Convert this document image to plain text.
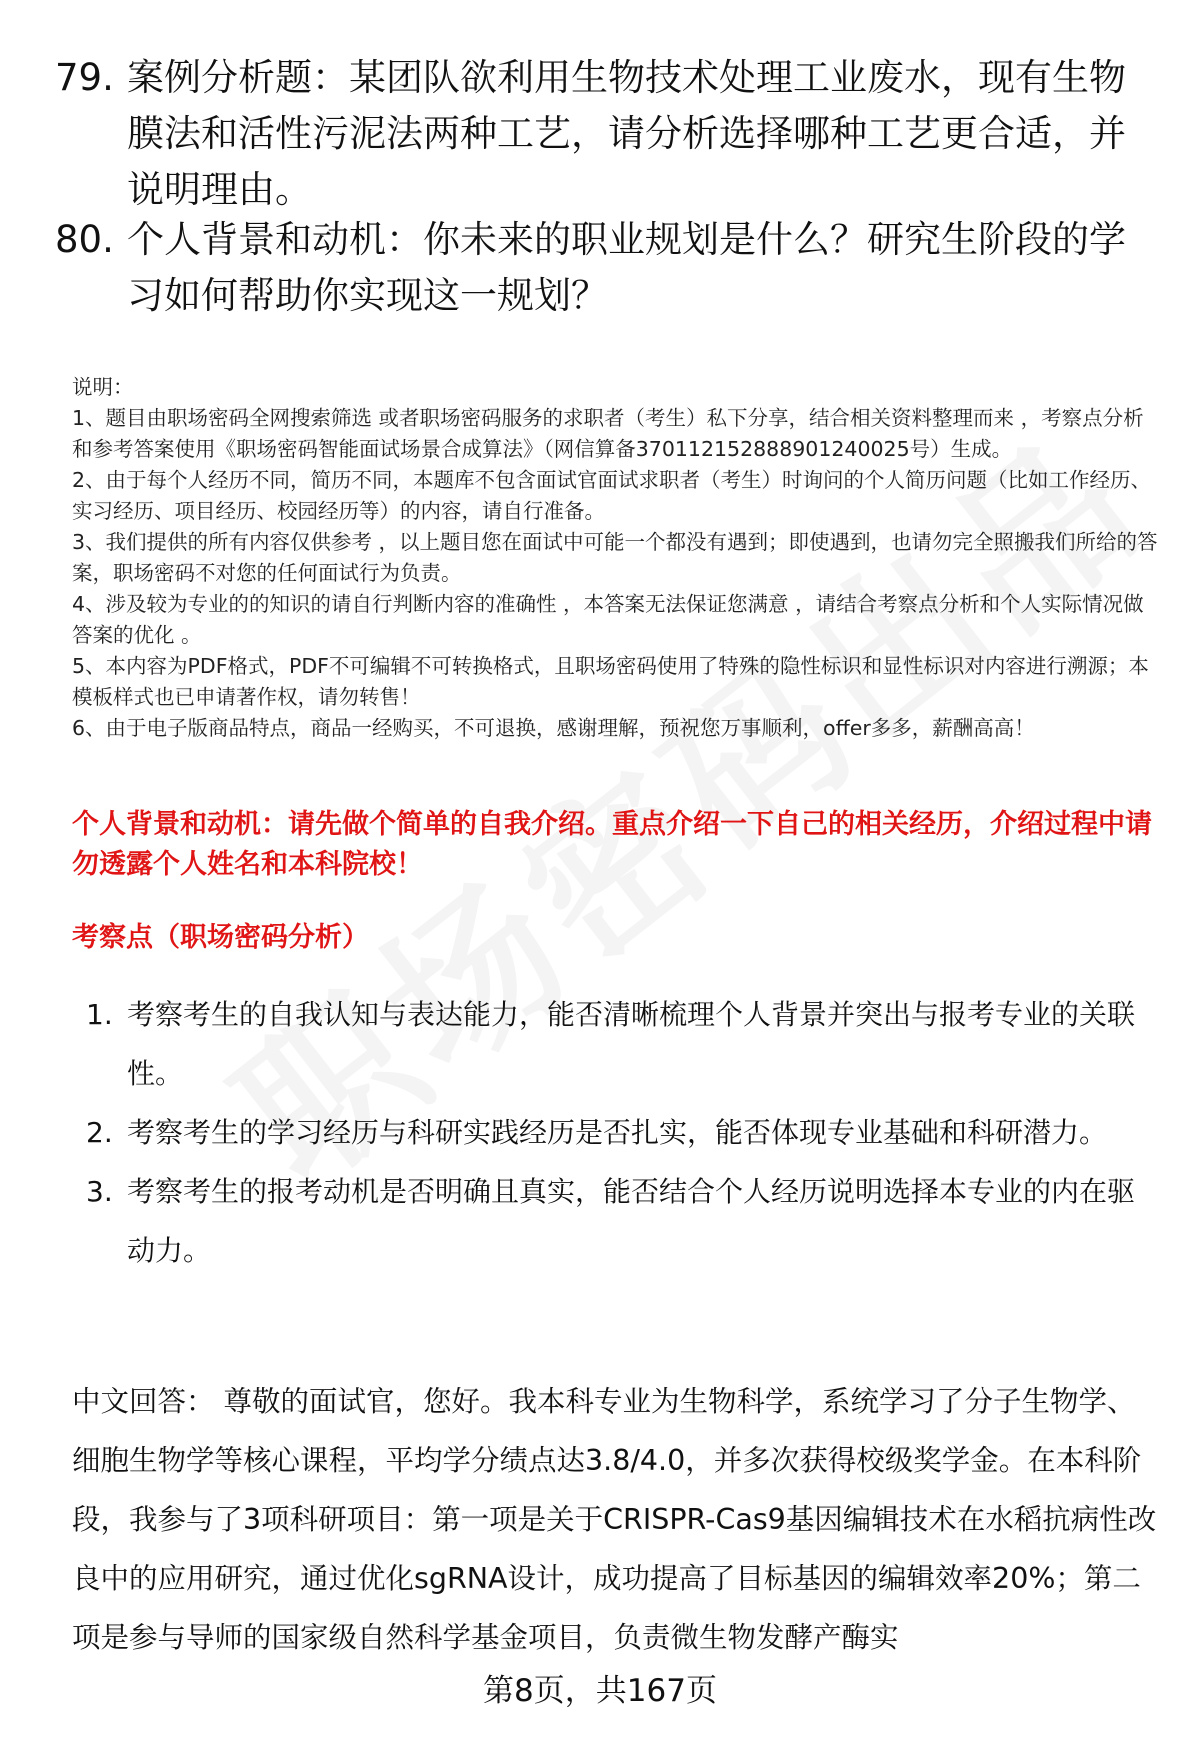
79. 案例分析题：某团队欲利用生物技术处理工业废水，现有生物膜法和活性污泥法两种工艺，请分析选择哪种工艺更合适，并说明理由。
80. 个人背景和动机：你未来的职业规划是什么？研究生阶段的学习如何帮助你实现这一规划？

说明：

1、题目由职场密码全网搜索筛选 或者职场密码服务的求职者（考生）私下分享，结合相关资料整理而来 ，考察点分析和参考答案使用《职场密码智能面试场景合成算法》（网信算备370112152888901240025号）生成。

2、由于每个人经历不同，简历不同，本题库不包含面试官面试求职者（考生）时询问的个人简历问题（比如工作经历、实习经历、项目经历、校园经历等）的内容，请自行准备。

3、我们提供的所有内容仅供参考 ，以上题目您在面试中可能一个都没有遇到；即使遇到，也请勿完全照搬我们所给的答案，职场密码不对您的任何面试行为负责。

4、涉及较为专业的的知识的请自行判断内容的准确性 ，本答案无法保证您满意 ，请结合考察点分析和个人实际情况做答案的优化 。

5、本内容为PDF格式，PDF不可编辑不可转换格式，且职场密码使用了特殊的隐性标识和显性标识对内容进行溯源；本模板样式也已申请著作权，请勿转售！

6、由于电子版商品特点，商品一经购买，不可退换，感谢理解，预祝您万事顺利，offer多多，薪酬高高！

个人背景和动机：请先做个简单的自我介绍。重点介绍一下自己的相关经历，介绍过程中请勿透露个人姓名和本科院校！
考察点（职场密码分析）
1. 考察考生的自我认知与表达能力，能否清晰梳理个人背景并突出与报考专业的关联性。
2. 考察考生的学习经历与科研实践经历是否扎实，能否体现专业基础和科研潜力。
3. 考察考生的报考动机是否明确且真实，能否结合个人经历说明选择本专业的内在驱动力。
中文回答： 尊敬的面试官，您好。我本科专业为生物科学，系统学习了分子生物学、细胞生物学等核心课程，平均学分绩点达3.8/4.0，并多次获得校级奖学金。在本科阶段，我参与了3项科研项目：第一项是关于CRISPR-Cas9基因编辑技术在水稻抗病性改良中的应用研究，通过优化sgRNA设计，成功提高了目标基因的编辑效率20%；第二项是参与导师的国家级自然科学基金项目，负责微生物发酵产酶实
第8页，共167页
